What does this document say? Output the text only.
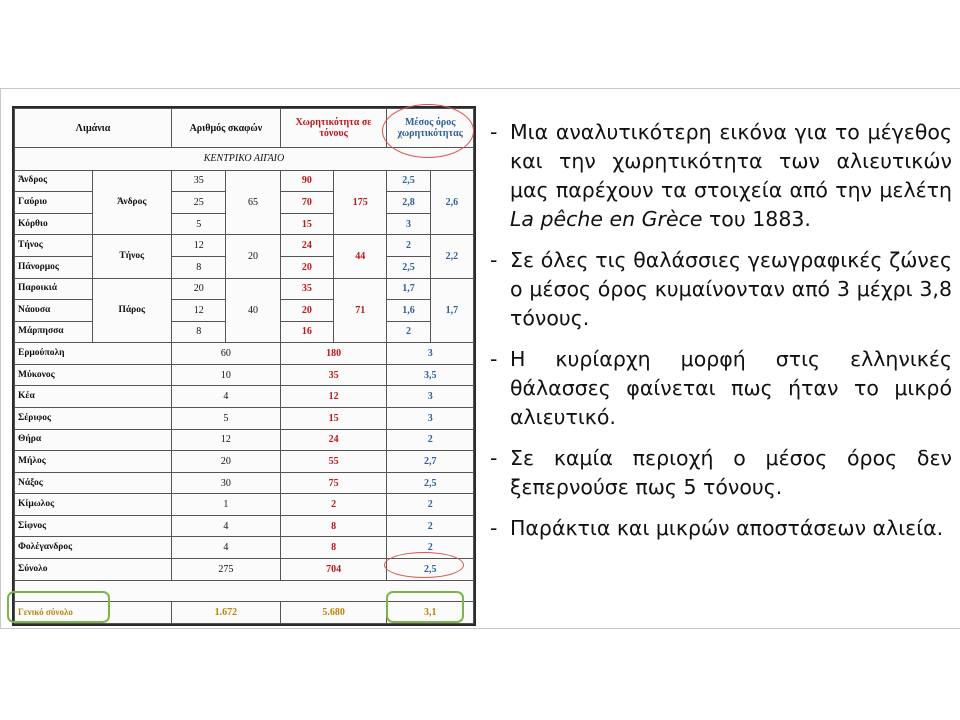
Λιμάνια		Αριθμός σκαφών		Χωρητικότητα σε τόνους		Μέσος όρος χωρητικότητας	
ΚΕΝΤΡΙΚΟ ΑΙΓΑΙΟ							
Άνδρος	Άνδρος	35	65	90	175	2,5	2,6
Γαύριο		25		70		2,8	
Κόρθιο		5		15		3	
Τήνος	Τήνος	12	20	24	44	2	2,2
Πάνορμος		8		20		2,5	
Παροικιά	Πάρος	20	40	35	71	1,7	1,7
Νάουσα		12		20		1,6	
Μάρπησσα		8		16		2	
Ερμούπολη		60		180		3	
Μύκονος		10		35		3,5	
Κέα		4		12		3	
Σέριφος		5		15		3	
Θήρα		12		24		2	
Μήλος		20		55		2,7	
Νάξος		30		75		2,5	
Κίμωλος		1		2		2	
Σίφνος		4		8		2	
Φολέγανδρος		4		8		2	
Σύνολο		275		704		2,5	

Γενικό σύνολο		1.672		5.680		3,1	
- Μια αναλυτικότερη εικόνα για το μέγεθος και την χωρητικότητα των αλιευτικών μας παρέχουν τα στοιχεία από την μελέτη La pêche en Grèce του 1883.
- Σε όλες τις θαλάσσιες γεωγραφικές ζώνες ο μέσος όρος κυμαίνονταν από 3 μέχρι 3,8 τόνους.
- Η κυρίαρχη μορφή στις ελληνικές θάλασσες φαίνεται πως ήταν το μικρό αλιευτικό.
- Σε καμία περιοχή ο μέσος όρος δεν ξεπερνούσε πως 5 τόνους.
- Παράκτια και μικρών αποστάσεων αλιεία.
